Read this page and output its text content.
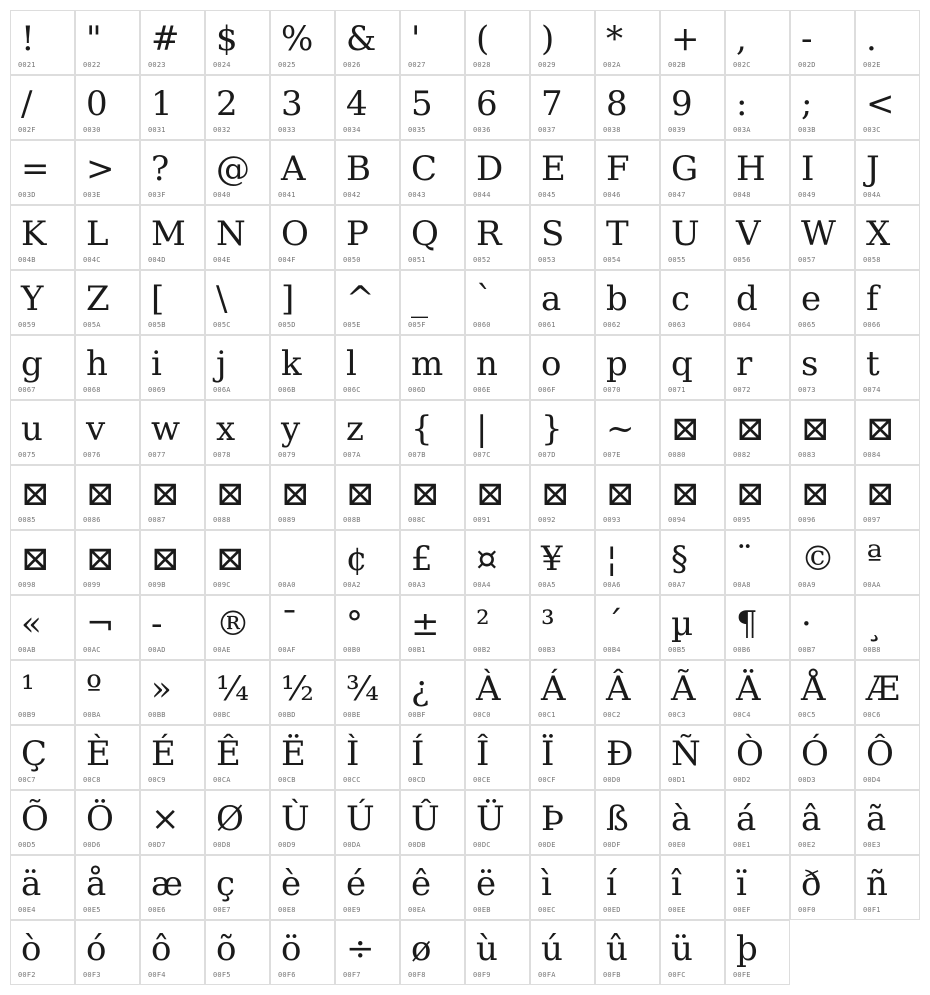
!
0021
"
0022
#
0023
$
0024
%
0025
&
0026
'
0027
(
0028
)
0029
*
002A
+
002B
,
002C
-
002D
.
002E
/
002F
0
0030
1
0031
2
0032
3
0033
4
0034
5
0035
6
0036
7
0037
8
0038
9
0039
:
003A
;
003B
<
003C
=
003D
>
003E
?
003F
@
0040
A
0041
B
0042
C
0043
D
0044
E
0045
F
0046
G
0047
H
0048
I
0049
J
004A
K
004B
L
004C
M
004D
N
004E
O
004F
P
0050
Q
0051
R
0052
S
0053
T
0054
U
0055
V
0056
W
0057
X
0058
Y
0059
Z
005A
[
005B
\
005C
]
005D
^
005E
_
005F
`
0060
a
0061
b
0062
c
0063
d
0064
e
0065
f
0066
g
0067
h
0068
i
0069
j
006A
k
006B
l
006C
m
006D
n
006E
o
006F
p
0070
q
0071
r
0072
s
0073
t
0074
u
0075
v
0076
w
0077
x
0078
y
0079
z
007A
{
007B
|
007C
}
007D
~
007E
⊠
0080
⊠
0082
⊠
0083
⊠
0084
⊠
0085
⊠
0086
⊠
0087
⊠
0088
⊠
0089
⊠
008B
⊠
008C
⊠
0091
⊠
0092
⊠
0093
⊠
0094
⊠
0095
⊠
0096
⊠
0097
⊠
0098
⊠
0099
⊠
009B
⊠
009C	00A0
¢
00A2
£
00A3
¤
00A4
¥
00A5
¦
00A6
§
00A7
¨
00A8
©
00A9
ª
00AA
«
00AB
¬
00AC
-
00AD
®
00AE
¯
00AF
°
00B0
±
00B1
²
00B2
³
00B3
´
00B4
µ
00B5
¶
00B6
·
00B7
¸
00B8
¹
00B9
º
00BA
»
00BB
¼
00BC
½
00BD
¾
00BE
¿
00BF
À
00C0
Á
00C1
Â
00C2
Ã
00C3
Ä
00C4
Å
00C5
Æ
00C6
Ç
00C7
È
00C8
É
00C9
Ê
00CA
Ë
00CB
Ì
00CC
Í
00CD
Î
00CE
Ï
00CF
Ð
00D0
Ñ
00D1
Ò
00D2
Ó
00D3
Ô
00D4
Õ
00D5
Ö
00D6
×
00D7
Ø
00D8
Ù
00D9
Ú
00DA
Û
00DB
Ü
00DC
Þ
00DE
ß
00DF
à
00E0
á
00E1
â
00E2
ã
00E3
ä
00E4
å
00E5
æ
00E6
ç
00E7
è
00E8
é
00E9
ê
00EA
ë
00EB
ì
00EC
í
00ED
î
00EE
ï
00EF
ð
00F0
ñ
00F1
ò
00F2
ó
00F3
ô
00F4
õ
00F5
ö
00F6
÷
00F7
ø
00F8
ù
00F9
ú
00FA
û
00FB
ü
00FC
þ
00FE
